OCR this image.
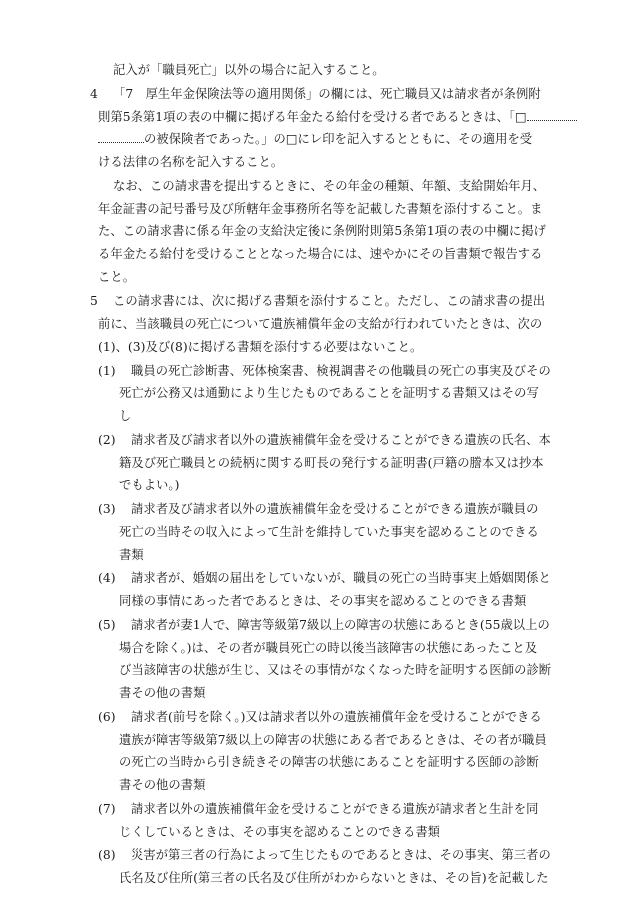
記入が「職員死亡」以外の場合に記入すること。
4 「7　厚生年金保険法等の適用関係」の欄には、死亡職員又は請求者が条例附
則第5条第1項の表の中欄に掲げる年金たる給付を受ける者であるときは、「□
の被保険者であった。」の□にレ印を記入するとともに、その適用を受
ける法律の名称を記入すること。
なお、この請求書を提出するときに、その年金の種類、年額、支給開始年月、
年金証書の記号番号及び所轄年金事務所名等を記載した書類を添付すること。ま
た、この請求書に係る年金の支給決定後に条例附則第5条第1項の表の中欄に掲げ
る年金たる給付を受けることとなった場合には、速やかにその旨書類で報告する
こと。
5 この請求書には、次に掲げる書類を添付すること。ただし、この請求書の提出
前に、当該職員の死亡について遺族補償年金の支給が行われていたときは、次の
(1)、(3)及び(8)に掲げる書類を添付する必要はないこと。
(1) 職員の死亡診断書、死体検案書、検視調書その他職員の死亡の事実及びその
死亡が公務又は通勤により生じたものであることを証明する書類又はその写
し
(2) 請求者及び請求者以外の遺族補償年金を受けることができる遺族の氏名、本
籍及び死亡職員との続柄に関する町長の発行する証明書(戸籍の謄本又は抄本
でもよい。)
(3) 請求者及び請求者以外の遺族補償年金を受けることができる遺族が職員の
死亡の当時その収入によって生計を維持していた事実を認めることのできる
書類
(4) 請求者が、婚姻の届出をしていないが、職員の死亡の当時事実上婚姻関係と
同様の事情にあった者であるときは、その事実を認めることのできる書類
(5) 請求者が妻1人で、障害等級第7級以上の障害の状態にあるとき(55歳以上の
場合を除く。)は、その者が職員死亡の時以後当該障害の状態にあったこと及
び当該障害の状態が生じ、又はその事情がなくなった時を証明する医師の診断
書その他の書類
(6) 請求者(前号を除く。)又は請求者以外の遺族補償年金を受けることができる
遺族が障害等級第7級以上の障害の状態にある者であるときは、その者が職員
の死亡の当時から引き続きその障害の状態にあることを証明する医師の診断
書その他の書類
(7) 請求者以外の遺族補償年金を受けることができる遺族が請求者と生計を同
じくしているときは、その事実を認めることのできる書類
(8) 災害が第三者の行為によって生じたものであるときは、その事実、第三者の
氏名及び住所(第三者の氏名及び住所がわからないときは、その旨)を記載した
